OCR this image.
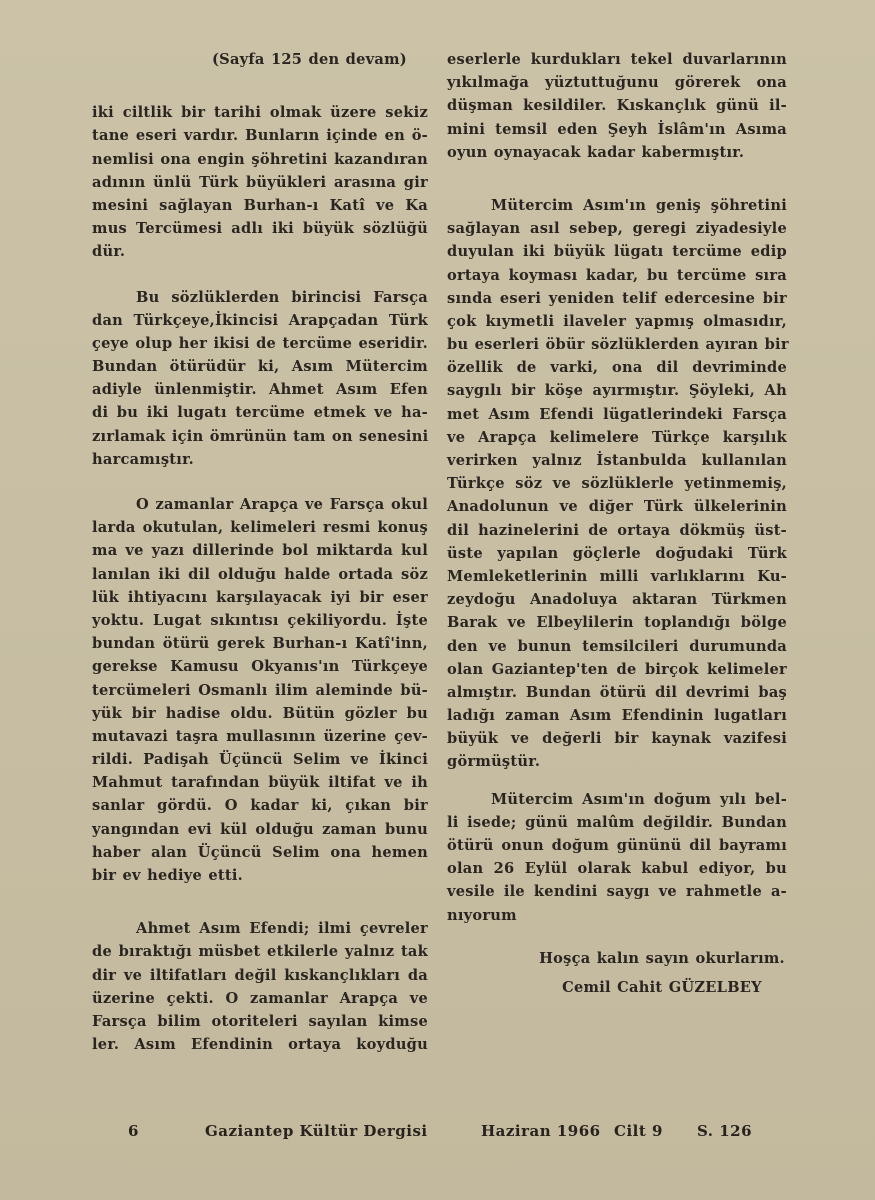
(Sayfa 125 den devam)
iki ciltlik bir tarihi olmak üzere sekiz
tane eseri vardır. Bunların içinde en ö-
nemlisi ona engin şöhretini kazandıran
adının ünlü Türk büyükleri arasına gir
mesini sağlayan Burhan-ı Katî ve Ka
mus Tercümesi adlı iki büyük sözlüğü
dür.
Bu sözlüklerden birincisi Farsça
dan Türkçeye,İkincisi Arapçadan Türk
çeye olup her ikisi de tercüme eseridir.
Bundan ötürüdür ki, Asım Mütercim
adiyle ünlenmiştir. Ahmet Asım Efen
di bu iki lugatı tercüme etmek ve ha-
zırlamak için ömrünün tam on senesini
harcamıştır.
O zamanlar Arapça ve Farsça okul
larda okutulan, kelimeleri resmi konuş
ma ve yazı dillerinde bol miktarda kul
lanılan iki dil olduğu halde ortada söz
lük ihtiyacını karşılayacak iyi bir eser
yoktu. Lugat sıkıntısı çekiliyordu. İşte
bundan ötürü gerek Burhan-ı Katî'inn,
gerekse Kamusu Okyanıs'ın Türkçeye
tercümeleri Osmanlı ilim aleminde bü-
yük bir hadise oldu. Bütün gözler bu
mutavazi taşra mullasının üzerine çev-
rildi. Padişah Üçüncü Selim ve İkinci
Mahmut tarafından büyük iltifat ve ih
sanlar gördü. O kadar ki, çıkan bir
yangından evi kül olduğu zaman bunu
haber alan Üçüncü Selim ona hemen
bir ev hediye etti.
Ahmet Asım Efendi; ilmi çevreler
de bıraktığı müsbet etkilerle yalnız tak
dir ve iltifatları değil kıskançlıkları da
üzerine çekti. O zamanlar Arapça ve
Farsça bilim otoriteleri sayılan kimse
ler. Asım Efendinin ortaya koyduğu
eserlerle kurdukları tekel duvarlarının
yıkılmağa yüztuttuğunu görerek ona
düşman kesildiler. Kıskançlık günü il-
mini temsil eden Şeyh İslâm'ın Asıma
oyun oynayacak kadar kabermıştır.
Mütercim Asım'ın geniş şöhretini
sağlayan asıl sebep, geregi ziyadesiyle
duyulan iki büyük lügatı tercüme edip
ortaya koyması kadar, bu tercüme sıra
sında eseri yeniden telif edercesine bir
çok kıymetli ilaveler yapmış olmasıdır,
bu eserleri öbür sözlüklerden ayıran bir
özellik de varki, ona dil devriminde
saygılı bir köşe ayırmıştır. Şöyleki, Ah
met Asım Efendi lügatlerindeki Farsça
ve Arapça kelimelere Türkçe karşılık
verirken yalnız İstanbulda kullanılan
Türkçe söz ve sözlüklerle yetinmemiş,
Anadolunun ve diğer Türk ülkelerinin
dil hazinelerini de ortaya dökmüş üst-
üste yapılan göçlerle doğudaki Türk
Memleketlerinin milli varlıklarını Ku-
zeydoğu Anadoluya aktaran Türkmen
Barak ve Elbeylilerin toplandığı bölge
den ve bunun temsilcileri durumunda
olan Gaziantep'ten de birçok kelimeler
almıştır. Bundan ötürü dil devrimi baş
ladığı zaman Asım Efendinin lugatları
büyük ve değerli bir kaynak vazifesi
görmüştür.
Mütercim Asım'ın doğum yılı bel-
li isede; günü malûm değildir. Bundan
ötürü onun doğum gününü dil bayramı
olan 26 Eylül olarak kabul ediyor, bu
vesile ile kendini saygı ve rahmetle a-
nıyorum
Hoşça kalın sayın okurlarım.
Cemil Cahit GÜZELBEY
6	Gaziantep Kültür Dergisi	Haziran 1966 Cilt 9 S. 126
